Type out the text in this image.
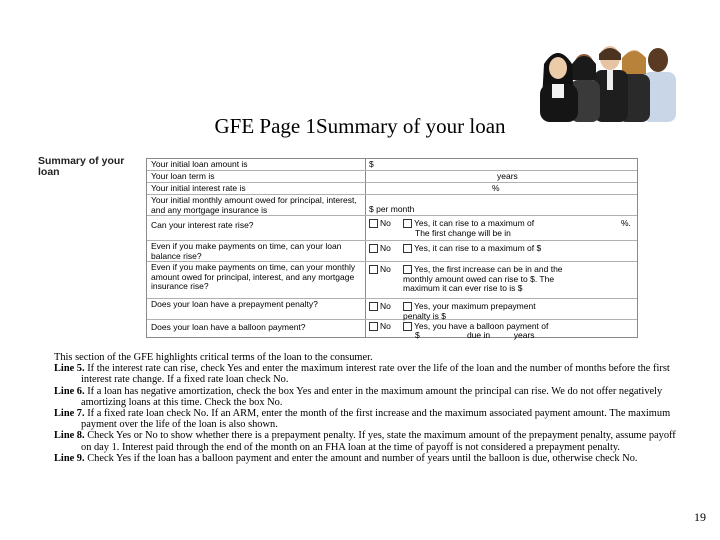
GFE Page 1Summary of your loan
Summary of your loan
Your initial loan amount is	$
Your loan term is	years
Your initial interest rate is	%
Your initial monthly amount owed for principal, interest, and any mortgage insurance is	$ per month
Can your interest rate rise?	No	Yes, it can rise to a maximum of	%.
The first change will be in
Even if you make payments on time, can your loan balance rise?
No	Yes, it can rise to a maximum of $
Even if you make payments on time, can your monthly amount owed for principal, interest, and any mortgage insurance rise?
No	Yes, the first increase can be in and the monthly amount owed can rise to $. The maximum it can ever rise to is $
Does your loan have a prepayment penalty?	No	Yes, your maximum prepayment penalty is $
Does your loan have a balloon payment?	No	Yes, you have a balloon payment of
$                    due in          years

This section of the GFE highlights critical terms of the loan to the consumer.

Line 5. If the interest rate can rise, check Yes and enter the maximum interest rate over the life of the loan and the number of months before the first interest rate change. If a fixed rate loan check No.

Line 6. If a loan has negative amortization, check the box Yes and enter in the maximum amount the principal can rise. We do not offer negatively amortizing loans at this time. Check the box No.

Line 7. If a fixed rate loan check No. If an ARM, enter the month of the first increase and the maximum associated payment amount. The maximum payment over the life of the loan is also shown.

Line 8. Check Yes or No to show whether there is a prepayment penalty. If yes, state the maximum amount of the prepayment penalty, assume payoff on day 1. Interest paid through the end of the month on an FHA loan at the time of payoff is not considered a prepayment penalty.

Line 9. Check Yes if the loan has a balloon payment and enter the amount and number of years until the balloon is due, otherwise check No.

19
